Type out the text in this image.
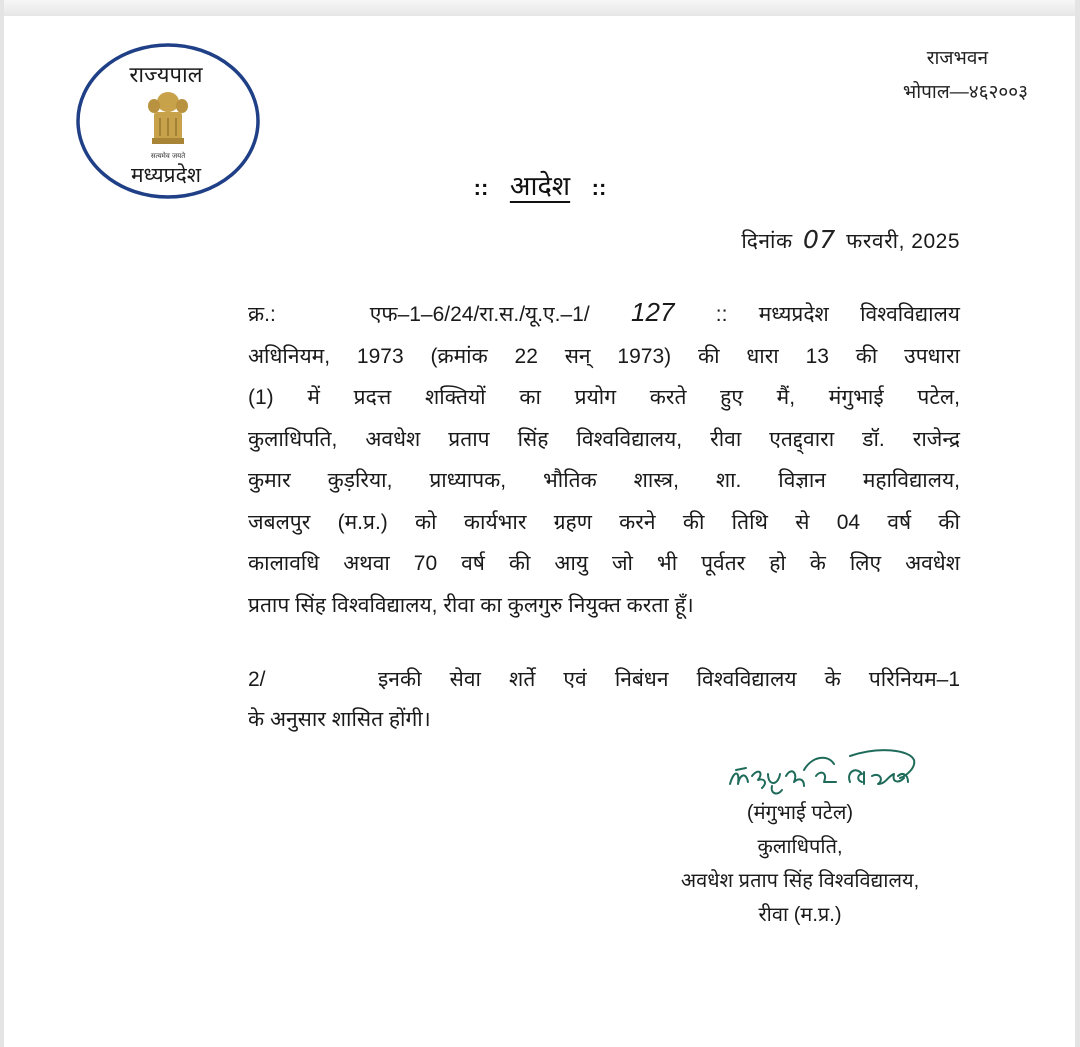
राज्यपाल
सत्यमेव जयते
मध्यप्रदेश
राजभवन
भोपाल—४६२००३
:: आदेश ::
दिनांक 07 फरवरी, 2025
क्र.:	एफ–1–6/24/रा.स./यू.ए.–1/ 127 :: मध्यप्रदेश विश्वविद्यालय
अधिनियम, 1973 (क्रमांक 22 सन् 1973) की धारा 13 की उपधारा
(1) में प्रदत्त शक्तियों का प्रयोग करते हुए मैं, मंगुभाई पटेल,
कुलाधिपति, अवधेश प्रताप सिंह विश्वविद्यालय, रीवा एतद्द्वारा डॉ. राजेन्द्र
कुमार कुड़रिया, प्राध्यापक, भौतिक शास्त्र, शा. विज्ञान महाविद्यालय,
जबलपुर (म.प्र.) को कार्यभार ग्रहण करने की तिथि से 04 वर्ष की
कालावधि अथवा 70 वर्ष की आयु जो भी पूर्वतर हो के लिए अवधेश
प्रताप सिंह विश्वविद्यालय, रीवा का कुलगुरु नियुक्त करता हूँ।
2/	इनकी सेवा शर्ते एवं निबंधन विश्वविद्यालय के परिनियम–1
के अनुसार शासित होंगी।
(मंगुभाई पटेल)
कुलाधिपति,
अवधेश प्रताप सिंह विश्वविद्यालय,
रीवा (म.प्र.)
